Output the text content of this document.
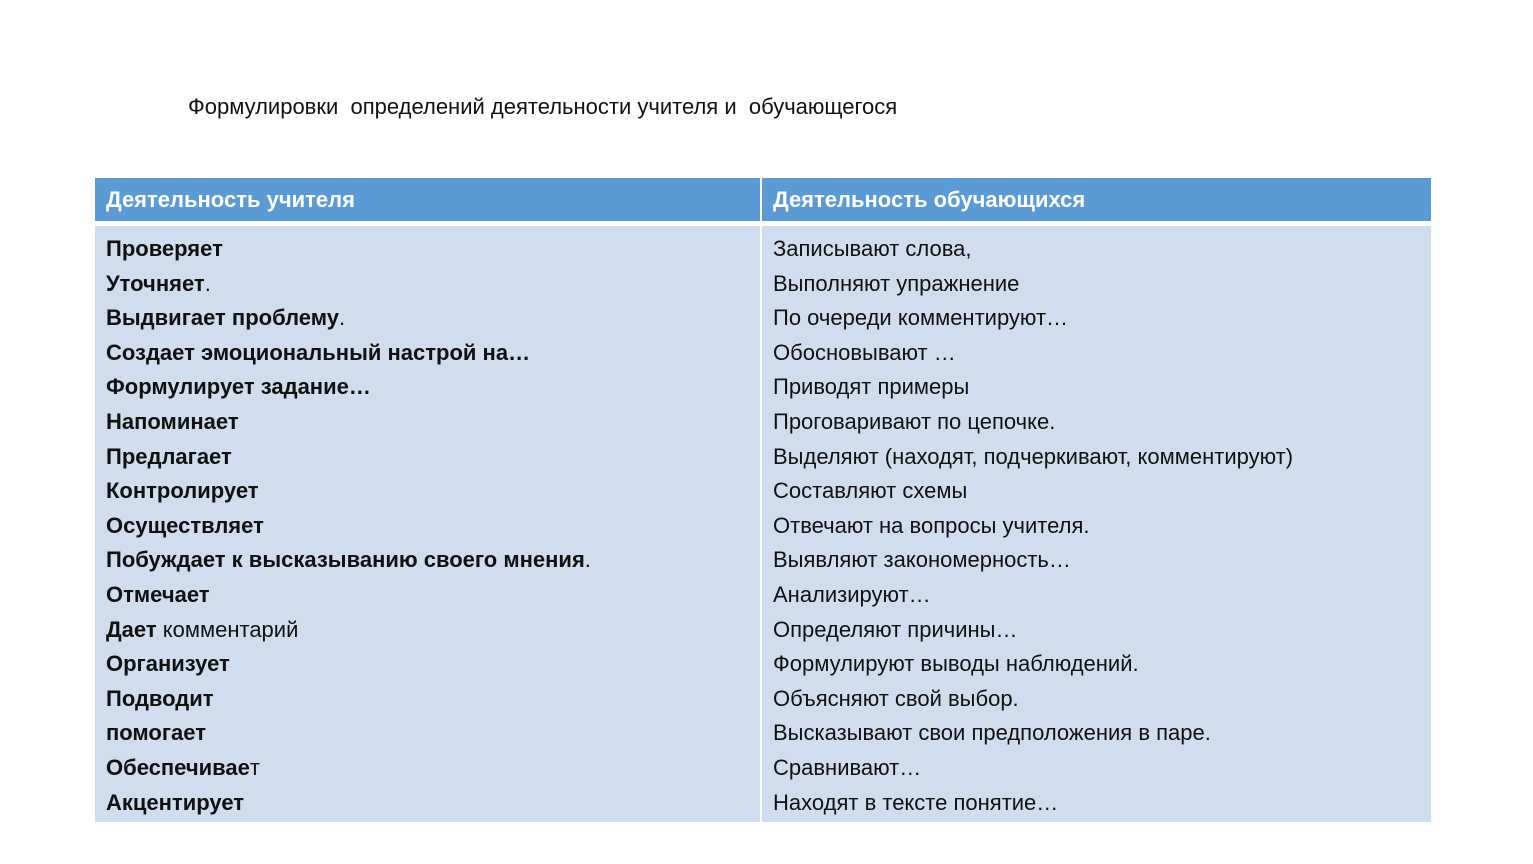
Формулировки  определений деятельности учителя и  обучающегося
Деятельность учителя	Деятельность обучающихся
Проверяет
Уточняет.
Выдвигает проблему.
Создает эмоциональный настрой на…
Формулирует задание…
Напоминает
Предлагает
Контролирует
Осуществляет
Побуждает к высказыванию своего мнения.
Отмечает
Дает комментарий
Организует
Подводит
помогает
Обеспечивает
Акцентирует
Записывают слова,
Выполняют упражнение
По очереди комментируют…
Обосновывают …
Приводят примеры
Проговаривают по цепочке.
Выделяют (находят, подчеркивают, комментируют)
Составляют схемы
Отвечают на вопросы учителя.
Выявляют закономерность…
Анализируют…
Определяют причины…
Формулируют выводы наблюдений.
Объясняют свой выбор.
Высказывают свои предположения в паре.
Сравнивают…
Находят в тексте понятие…
